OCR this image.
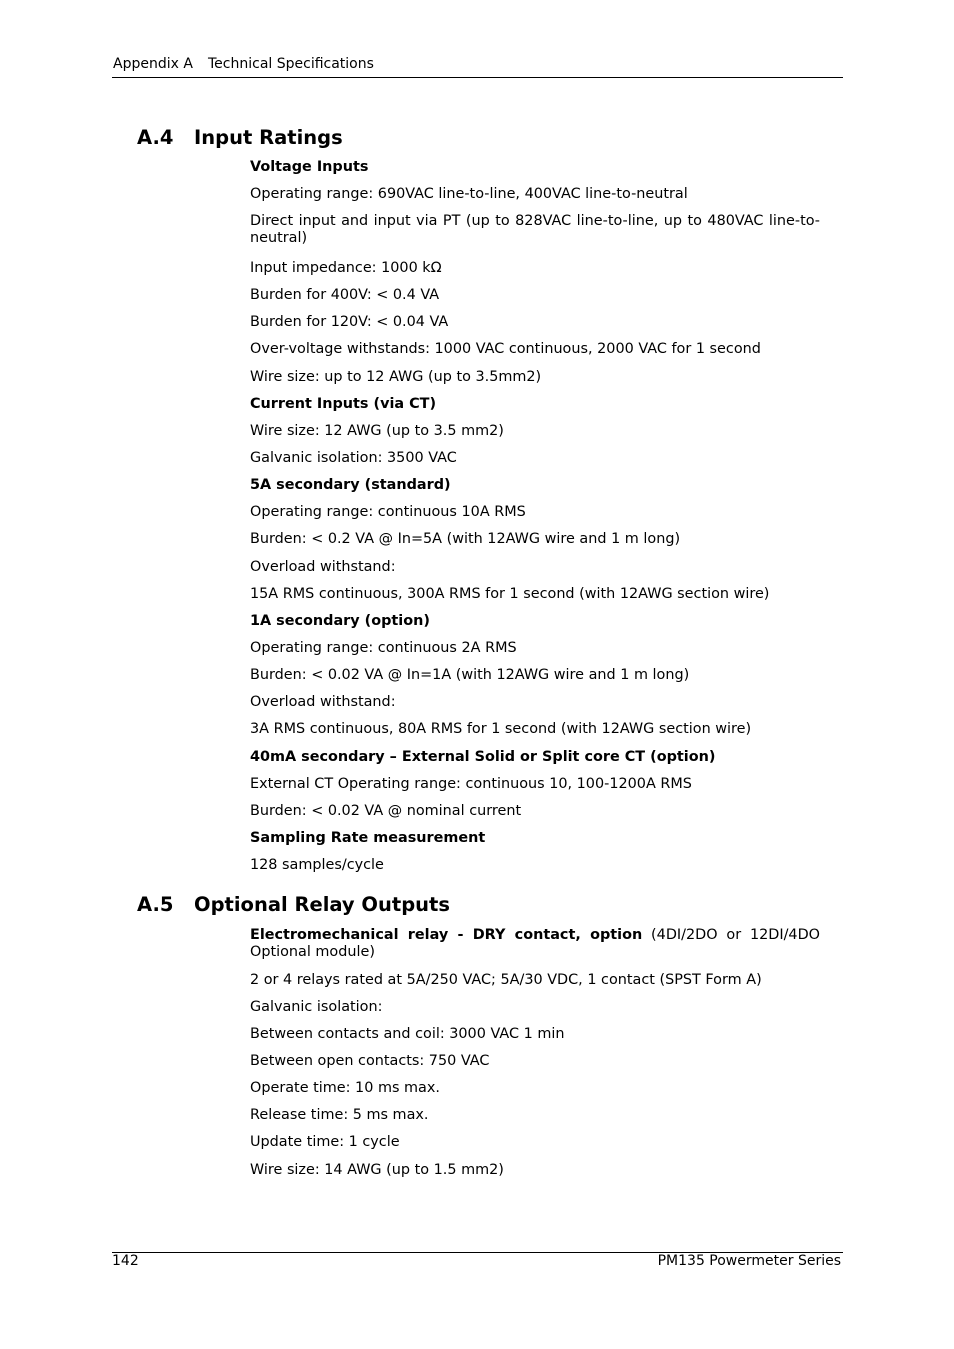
Appendix A Technical Specifications
A.4 Input Ratings
Voltage Inputs
Operating range: 690VAC line-to-line, 400VAC line-to-neutral
Direct input and input via PT (up to 828VAC line-to-line, up to 480VAC line-to-neutral)
Input impedance: 1000 kΩ
Burden for 400V: < 0.4 VA
Burden for 120V: < 0.04 VA
Over-voltage withstands: 1000 VAC continuous, 2000 VAC for 1 second
Wire size: up to 12 AWG (up to 3.5mm2)
Current Inputs (via CT)
Wire size: 12 AWG (up to 3.5 mm2)
Galvanic isolation: 3500 VAC
5A secondary (standard)
Operating range: continuous 10A RMS
Burden: < 0.2 VA @ In=5A (with 12AWG wire and 1 m long)
Overload withstand:
15A RMS continuous, 300A RMS for 1 second (with 12AWG section wire)
1A secondary (option)
Operating range: continuous 2A RMS
Burden: < 0.02 VA @ In=1A (with 12AWG wire and 1 m long)
Overload withstand:
3A RMS continuous, 80A RMS for 1 second (with 12AWG section wire)
40mA secondary – External Solid or Split core CT (option)
External CT Operating range: continuous 10, 100-1200A RMS
Burden: < 0.02 VA @ nominal current
Sampling Rate measurement
128 samples/cycle
A.5 Optional Relay Outputs
Electromechanical relay - DRY contact, option (4DI/2DO or 12DI/4DO Optional module)
2 or 4 relays rated at 5A/250 VAC; 5A/30 VDC, 1 contact (SPST Form A)
Galvanic isolation:
Between contacts and coil: 3000 VAC 1 min
Between open contacts: 750 VAC
Operate time: 10 ms max.
Release time: 5 ms max.
Update time: 1 cycle
Wire size: 14 AWG (up to 1.5 mm2)
142	PM135 Powermeter Series
